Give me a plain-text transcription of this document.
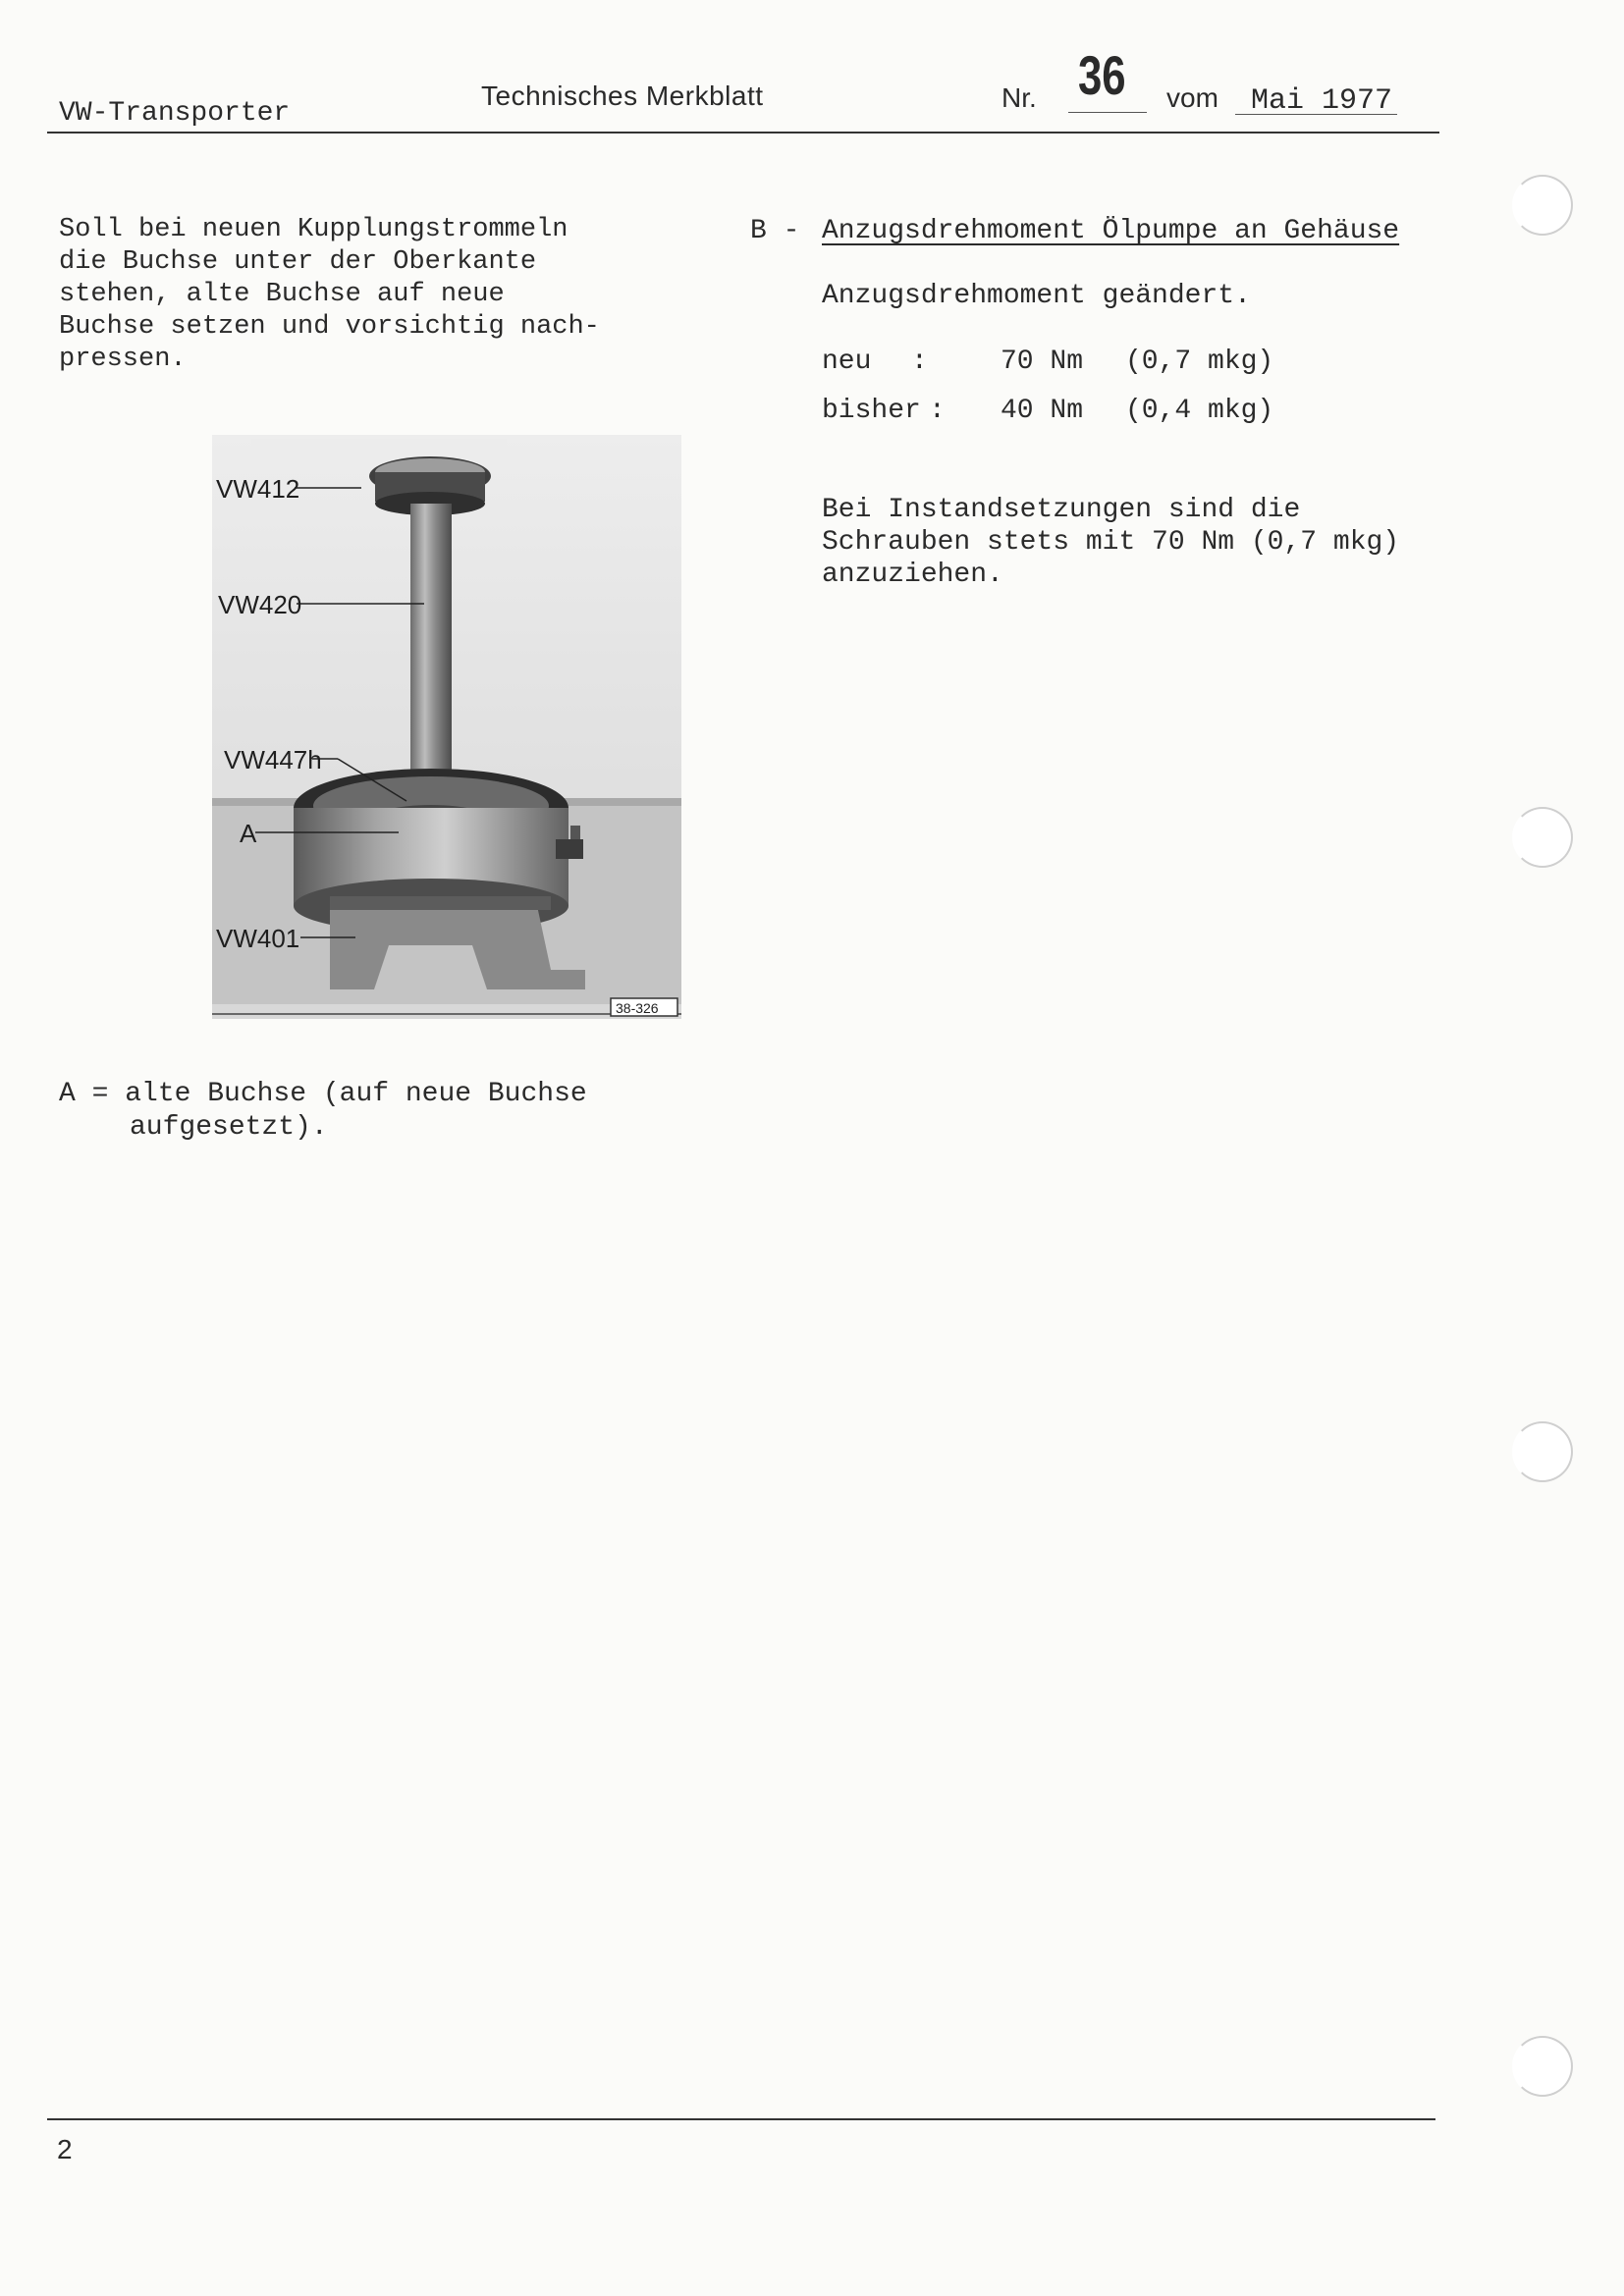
VW-Transporter
Technisches Merkblatt	Nr. 36 vom Mai 1977
Soll bei neuen Kupplungstrommeln
die Buchse unter der Oberkante
stehen, alte Buchse auf neue
Buchse setzen und vorsichtig nach-
pressen.
VW412
VW420
VW447h
A
VW401
38-326
A = alte Buchse (auf neue Buchse
aufgesetzt).
B - Anzugsdrehmoment Ölpumpe an Gehäuse
Anzugsdrehmoment geändert.
neu :	70 Nm (0,7 mkg)
bisher : 40 Nm (0,4 mkg)
Bei Instandsetzungen sind die
Schrauben stets mit 70 Nm (0,7 mkg)
anzuziehen.
2
